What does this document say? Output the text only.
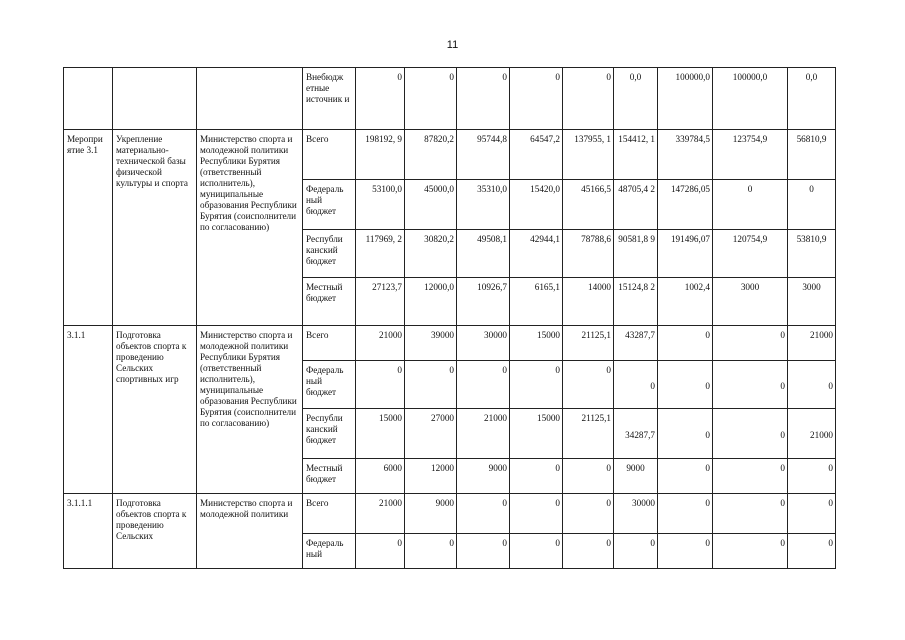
11
			Внебюдж етные источник и	0	0	0	0	0	0,0	100000,0	100000,0	0,0
Меропри ятие 3.1	Укрепление материально-технической базы физической культуры и спорта	Министерство спорта и молодежной политики Республики Бурятия (ответственный исполнитель), муниципальные образования Республики Бурятия (соисполнители по согласованию)	Всего	198192, 9	87820,2	95744,8	64547,2	137955, 1	154412, 1	339784,5	123754,9	56810,9
			Федераль ный бюджет	53100,0	45000,0	35310,0	15420,0	45166,5	48705,4 2	147286,05	0	0
			Республи канский бюджет	117969, 2	30820,2	49508,1	42944,1	78788,6	90581,8 9	191496,07	120754,9	53810,9
			Местный бюджет	27123,7	12000,0	10926,7	6165,1	14000	15124,8 2	1002,4	3000	3000
3.1.1	Подготовка объектов спорта к проведению Сельских спортивных игр	Министерство спорта и молодежной политики Республики Бурятия (ответственный исполнитель), муниципальные образования Республики Бурятия (соисполнители по согласованию)	Всего	21000	39000	30000	15000	21125,1	43287,7	0	0	21000
			Федераль ный бюджет	0	0	0	0	0	0	0	0	0
			Республи канский бюджет	15000	27000	21000	15000	21125,1	34287,7	0	0	21000
			Местный бюджет	6000	12000	9000	0	0	9000	0	0	0
3.1.1.1	Подготовка объектов спорта к проведению Сельских	Министерство спорта и молодежной политики	Всего	21000	9000	0	0	0	30000	0	0	0
			Федераль ный	0	0	0	0	0	0	0	0	0
